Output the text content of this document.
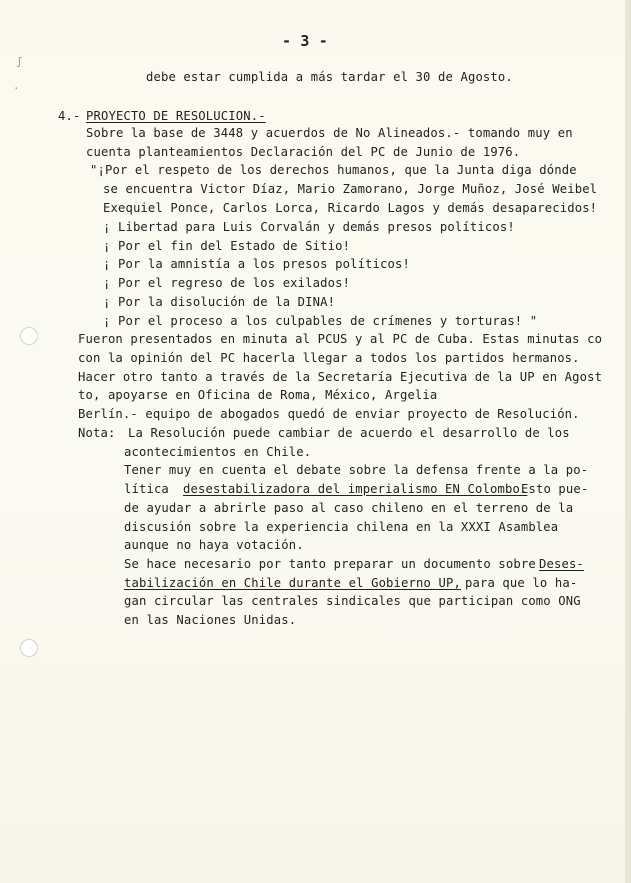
ʃ
·
- 3 -
debe estar cumplida a más tardar el 30 de Agosto.
4.- PROYECTO DE RESOLUCION.-
Sobre la base de 3448 y acuerdos de No Alineados.- tomando muy en
cuenta planteamientos Declaración del PC de Junio de 1976.
"¡Por el respeto de los derechos humanos, que la Junta diga dónde
se encuentra Victor Díaz, Mario Zamorano, Jorge Muñoz, José Weibel
Exequiel Ponce, Carlos Lorca, Ricardo Lagos y demás desaparecidos!
¡ Libertad para Luis Corvalán y demás presos políticos!
¡ Por el fin del Estado de Sitio!
¡ Por la amnistía a los presos políticos!
¡ Por el regreso de los exilados!
¡ Por la disolución de la DINA!
¡ Por el proceso a los culpables de crímenes y torturas! "
Fueron presentados en minuta al PCUS y al PC de Cuba. Estas minutas co
con la opinión del PC hacerla llegar a todos los partidos hermanos.
Hacer otro tanto a través de la Secretaría Ejecutiva de la UP en Agost
to, apoyarse en Oficina de Roma, México, Argelia
Berlín.- equipo de abogados quedó de enviar proyecto de Resolución.
Nota: La Resolución puede cambiar de acuerdo el desarrollo de los
acontecimientos en Chile.
Tener muy en cuenta el debate sobre la defensa frente a la po-
lítica desestabilizadora del imperialismo EN Colombo.
Esto pue-
de ayudar a abrirle paso al caso chileno en el terreno de la
discusión sobre la experiencia chilena en la XXXI Asamblea
aunque no haya votación.
Se hace necesario por tanto preparar un documento sobre Deses-
tabilización en Chile durante el Gobierno UP, para que lo ha-
gan circular las centrales sindicales que participan como ONG
en las Naciones Unidas.
